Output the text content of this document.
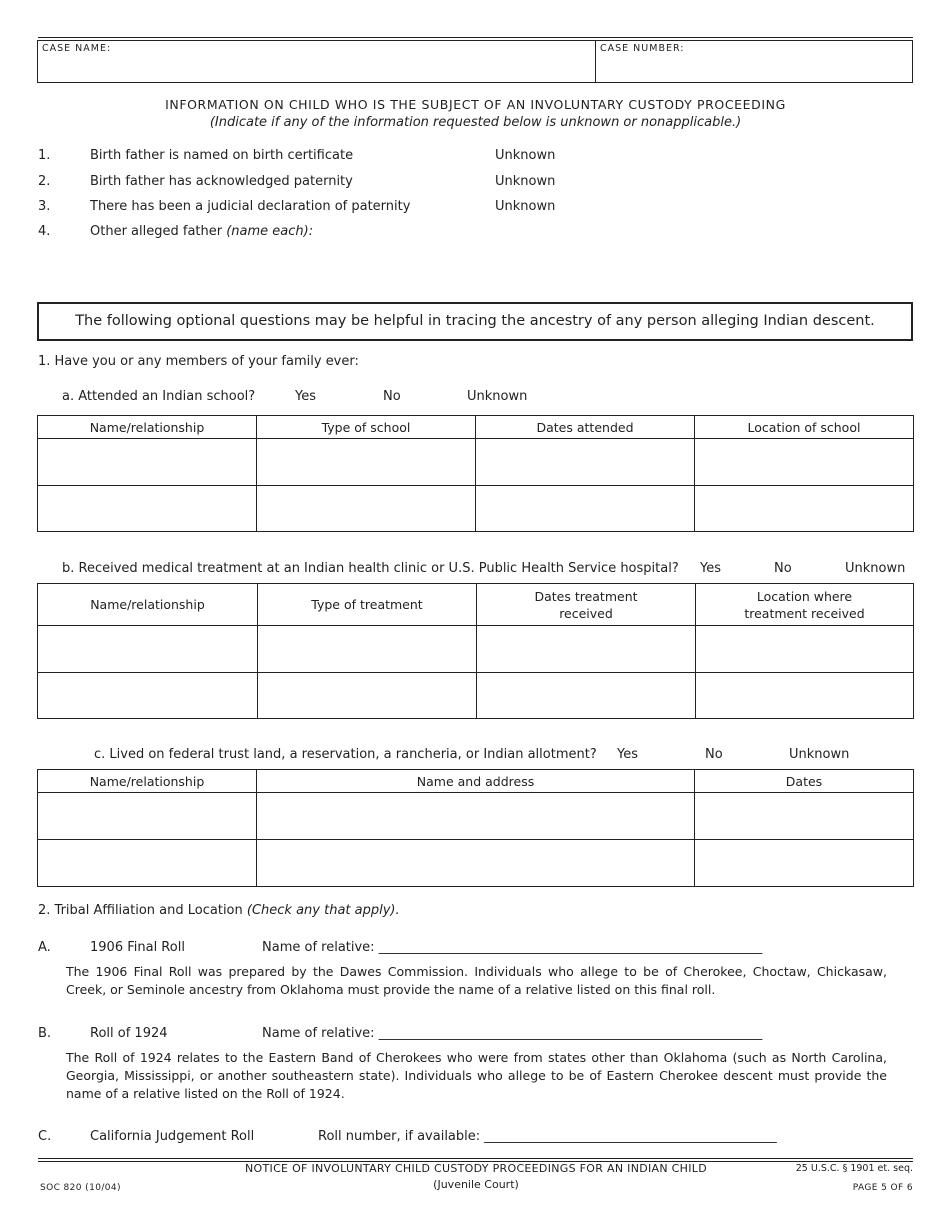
CASE NAME:	CASE NUMBER:
INFORMATION ON CHILD WHO IS THE SUBJECT OF AN INVOLUNTARY CUSTODY PROCEEDING
(Indicate if any of the information requested below is unknown or nonapplicable.)
1.	Birth father is named on birth certificate	Unknown
2.	Birth father has acknowledged paternity	Unknown
3.	There has been a judicial declaration of paternity	Unknown
4.	Other alleged father (name each):
The following optional questions may be helpful in tracing the ancestry of any person alleging Indian descent.
1. Have you or any members of your family ever:
a. Attended an Indian school?	Yes	No	Unknown
Name/relationship	Type of school	Dates attended	Location of school

b. Received medical treatment at an Indian health clinic or U.S. Public Health Service hospital? Yes	No	Unknown
Name/relationship	Type of treatment	Dates treatment received	Location where treatment received

c. Lived on federal trust land, a reservation, a rancheria, or Indian allotment? Yes	No	Unknown
Name/relationship	Name and address	Dates

2. Tribal Affiliation and Location (Check any that apply).
A.	1906 Final Roll	Name of relative: ___________________________________________________________
The 1906 Final Roll was prepared by the Dawes Commission. Individuals who allege to be of Cherokee, Choctaw, Chickasaw, Creek, or Seminole ancestry from Oklahoma must provide the name of a relative listed on this final roll.
B.	Roll of 1924	Name of relative: ___________________________________________________________
The Roll of 1924 relates to the Eastern Band of Cherokees who were from states other than Oklahoma (such as North Carolina, Georgia, Mississippi, or another southeastern state). Individuals who allege to be of Eastern Cherokee descent must provide the name of a relative listed on the Roll of 1924.
C.	California Judgement Roll	Roll number, if available: _____________________________________________
SOC 820 (10/04)
NOTICE OF INVOLUNTARY CHILD CUSTODY PROCEEDINGS FOR AN INDIAN CHILD
(Juvenile Court)
25 U.S.C. § 1901 et. seq.
PAGE 5 OF 6
